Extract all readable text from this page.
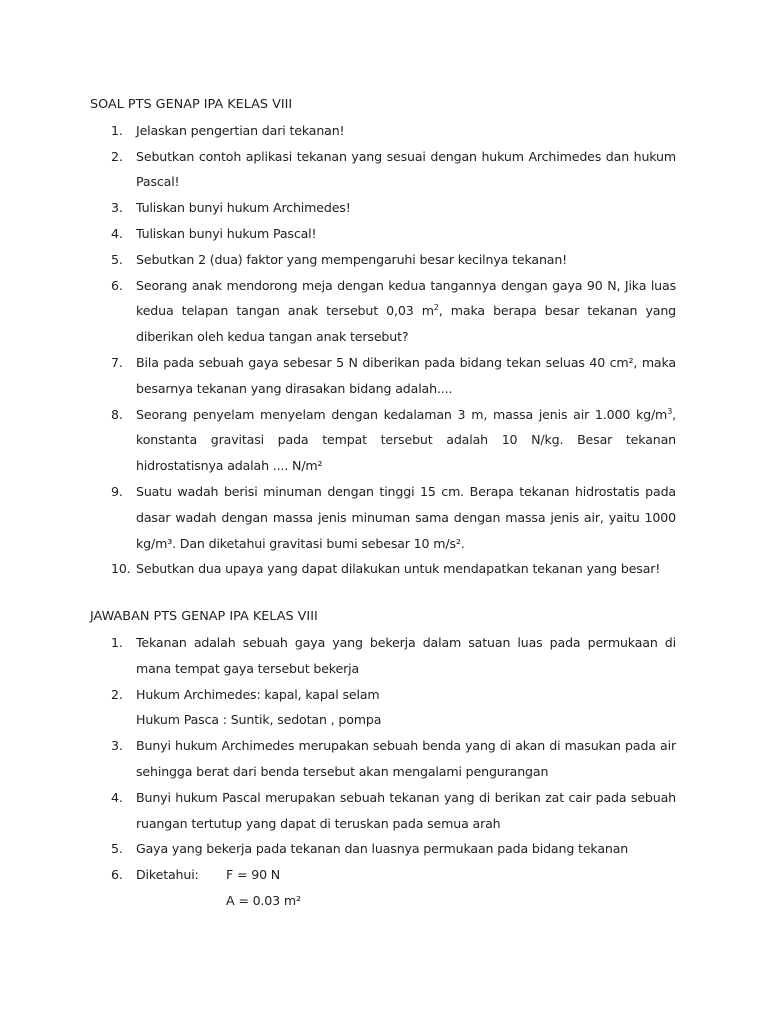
SOAL PTS GENAP IPA KELAS VIII
1.	Jelaskan pengertian dari tekanan!
2.	Sebutkan contoh aplikasi tekanan yang sesuai dengan hukum Archimedes dan hukum Pascal!
3.	Tuliskan bunyi hukum Archimedes!
4.	Tuliskan bunyi hukum Pascal!
5.	Sebutkan 2 (dua) faktor yang mempengaruhi besar kecilnya tekanan!
6.	Seorang anak mendorong meja dengan kedua tangannya dengan gaya 90 N, Jika luas kedua telapan tangan anak tersebut 0,03 $m^2$, maka berapa besar tekanan yang diberikan oleh kedua tangan anak tersebut?
7.	Bila pada sebuah gaya sebesar 5 N diberikan pada bidang tekan seluas 40 cm², maka besarnya tekanan yang dirasakan bidang adalah....
8.	Seorang penyelam menyelam dengan kedalaman 3 m, massa jenis air 1.000 $kg/m^3$, konstanta gravitasi pada tempat tersebut adalah 10 N/kg. Besar tekanan hidrostatisnya adalah .... N/m²
9.	Suatu wadah berisi minuman dengan tinggi 15 cm. Berapa tekanan hidrostatis pada dasar wadah dengan massa jenis minuman sama dengan massa jenis air, yaitu 1000 kg/m³. Dan diketahui gravitasi bumi sebesar 10 m/s².
10. Sebutkan dua upaya yang dapat dilakukan untuk mendapatkan tekanan yang besar!
JAWABAN PTS GENAP IPA KELAS VIII
1.	Tekanan adalah sebuah gaya yang bekerja dalam satuan luas pada permukaan di mana tempat gaya tersebut bekerja
2.	Hukum Archimedes: kapal, kapal selam
Hukum Pasca : Suntik, sedotan , pompa
3.	Bunyi hukum Archimedes merupakan sebuah benda yang di akan di masukan pada air sehingga berat dari benda tersebut akan mengalami pengurangan
4.	Bunyi hukum Pascal merupakan sebuah tekanan yang di berikan zat cair pada sebuah ruangan tertutup yang dapat di teruskan pada semua arah
5.	Gaya yang bekerja pada tekanan dan luasnya permukaan pada bidang tekanan
6.	Diketahui:	F = 90 N
A = 0.03 m²
